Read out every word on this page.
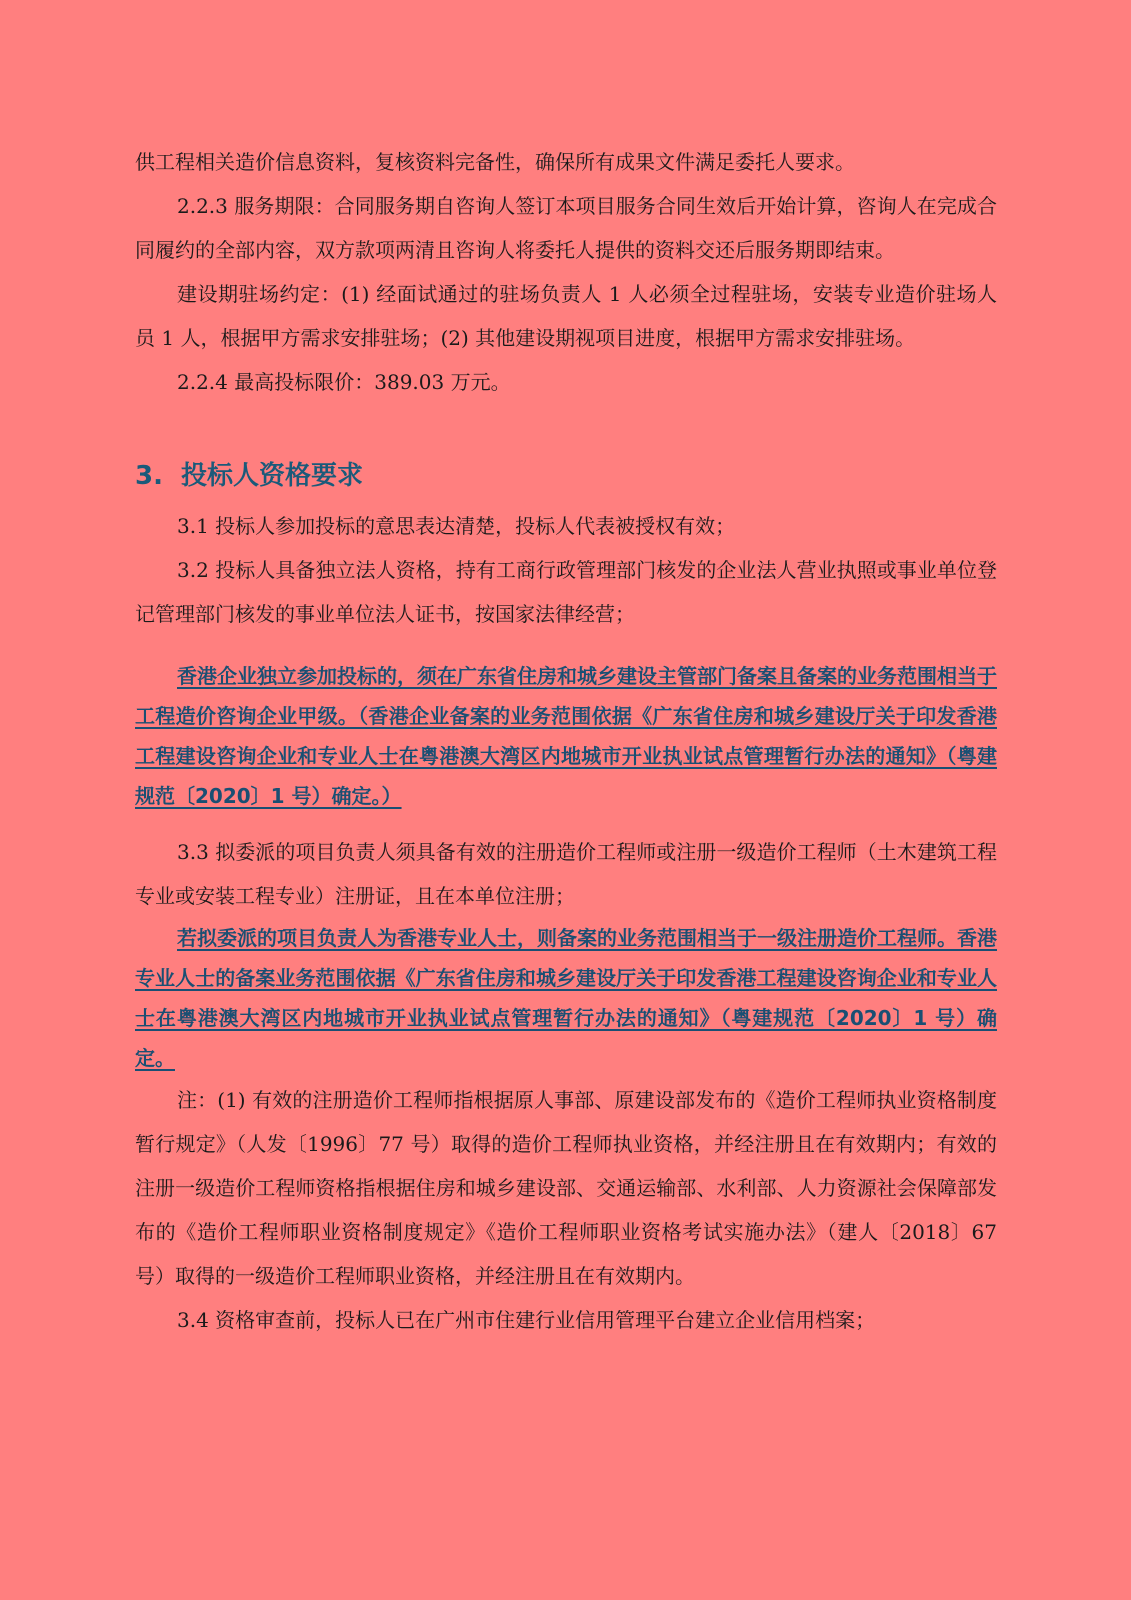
供工程相关造价信息资料，复核资料完备性，确保所有成果文件满足委托人要求。

2.2.3 服务期限：合同服务期自咨询人签订本项目服务合同生效后开始计算，咨询人在完成合同履约的全部内容，双方款项两清且咨询人将委托人提供的资料交还后服务期即结束。

建设期驻场约定：(1) 经面试通过的驻场负责人 1 人必须全过程驻场，安装专业造价驻场人员 1 人，根据甲方需求安排驻场；(2) 其他建设期视项目进度，根据甲方需求安排驻场。

2.2.4 最高投标限价：389.03 万元。

3. 投标人资格要求

3.1 投标人参加投标的意思表达清楚，投标人代表被授权有效；

3.2 投标人具备独立法人资格，持有工商行政管理部门核发的企业法人营业执照或事业单位登记管理部门核发的事业单位法人证书，按国家法律经营；

香港企业独立参加投标的，须在广东省住房和城乡建设主管部门备案且备案的业务范围相当于工程造价咨询企业甲级。（香港企业备案的业务范围依据《广东省住房和城乡建设厅关于印发香港工程建设咨询企业和专业人士在粤港澳大湾区内地城市开业执业试点管理暂行办法的通知》（粤建规范〔2020〕1 号）确定。）

3.3 拟委派的项目负责人须具备有效的注册造价工程师或注册一级造价工程师（土木建筑工程专业或安装工程专业）注册证，且在本单位注册；

若拟委派的项目负责人为香港专业人士，则备案的业务范围相当于一级注册造价工程师。香港专业人士的备案业务范围依据《广东省住房和城乡建设厅关于印发香港工程建设咨询企业和专业人士在粤港澳大湾区内地城市开业执业试点管理暂行办法的通知》（粤建规范〔2020〕1 号）确定。

注：(1) 有效的注册造价工程师指根据原人事部、原建设部发布的《造价工程师执业资格制度暂行规定》（人发〔1996〕77 号）取得的造价工程师执业资格，并经注册且在有效期内；有效的注册一级造价工程师资格指根据住房和城乡建设部、交通运输部、水利部、人力资源社会保障部发布的《造价工程师职业资格制度规定》《造价工程师职业资格考试实施办法》（建人〔2018〕67 号）取得的一级造价工程师职业资格，并经注册且在有效期内。

3.4 资格审查前，投标人已在广州市住建行业信用管理平台建立企业信用档案；
